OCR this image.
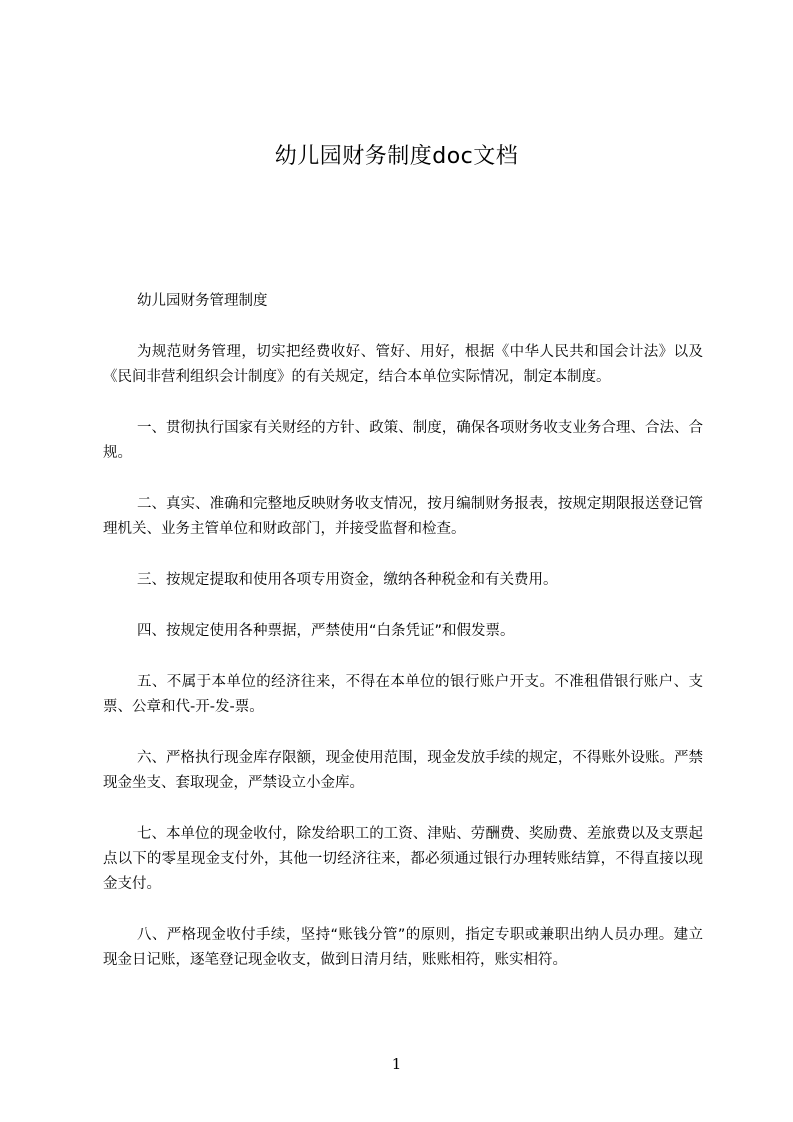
幼儿园财务制度doc文档

幼儿园财务管理制度

为规范财务管理，切实把经费收好、管好、用好，根据《中华人民共和国会计法》以及《民间非营利组织会计制度》的有关规定，结合本单位实际情况，制定本制度。

一、贯彻执行国家有关财经的方针、政策、制度，确保各项财务收支业务合理、合法、合规。

二、真实、准确和完整地反映财务收支情况，按月编制财务报表，按规定期限报送登记管理机关、业务主管单位和财政部门，并接受监督和检查。

三、按规定提取和使用各项专用资金，缴纳各种税金和有关费用。

四、按规定使用各种票据，严禁使用“白条凭证”和假发票。

五、不属于本单位的经济往来，不得在本单位的银行账户开支。不准租借银行账户、支票、公章和代-开-发-票。

六、严格执行现金库存限额，现金使用范围，现金发放手续的规定，不得账外设账。严禁现金坐支、套取现金，严禁设立小金库。

七、本单位的现金收付，除发给职工的工资、津贴、劳酬费、奖励费、差旅费以及支票起点以下的零星现金支付外，其他一切经济往来，都必须通过银行办理转账结算，不得直接以现金支付。

八、严格现金收付手续，坚持“账钱分管”的原则，指定专职或兼职出纳人员办理。建立现金日记账，逐笔登记现金收支，做到日清月结，账账相符，账实相符。

1
